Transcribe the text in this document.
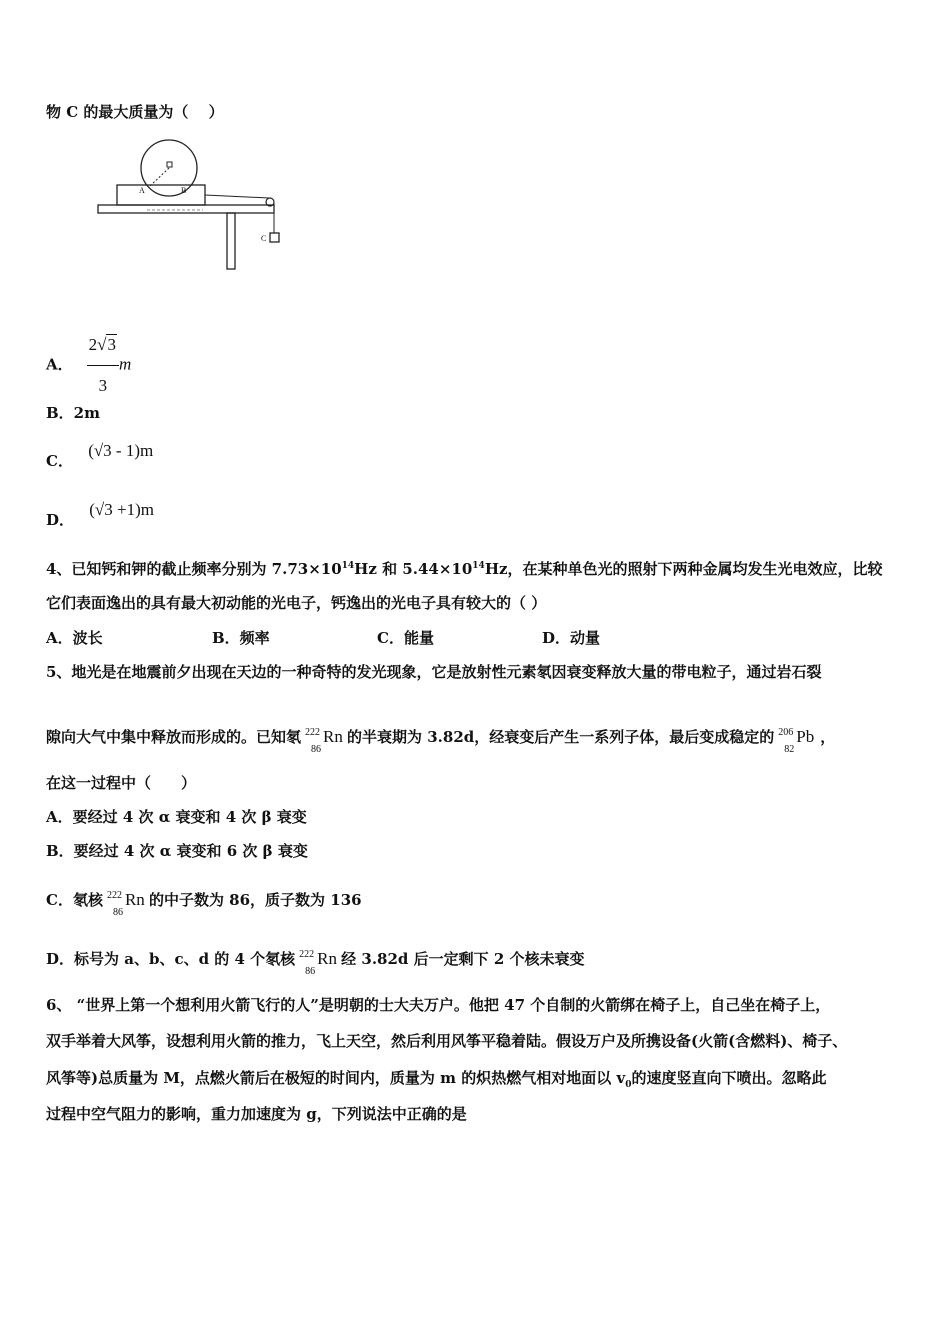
物 C 的最大质量为（　 ）
A	B
C
A． $\frac{2√3}{3}$ m
B．2m
C． (√3 - 1)m
D． (√3 +1)m
4、已知钙和钾的截止频率分别为 $7.73\times 10^{14}Hz$ 和 $5.44\times 10^{14}Hz$，在某种单色光的照射下两种金属均发生光电效应，比较
它们表面逸出的具有最大初动能的光电子，钙逸出的光电子具有较大的（ ）
A．波长	B．频率	C．能量	D．动量
5、地光是在地震前夕出现在天边的一种奇特的发光现象，它是放射性元素氡因衰变释放大量的带电粒子，通过岩石裂
隙向大气中集中释放而形成的。已知氡 222
86
Rn 的半衰期为 3.82d，经衰变后产生一系列子体，最后变成稳定的 206
82
Pb ，
在这一过程中（　　）
A．要经过 4 次 α 衰变和 4 次 β 衰变
B．要经过 4 次 α 衰变和 6 次 β 衰变
C．氡核 222
86
Rn 的中子数为 86，质子数为 136
D．标号为 a、b、c、d 的 4 个氡核 222
86
Rn 经 3.82d 后一定剩下 2 个核未衰变
6、 “世界上第一个想利用火箭飞行的人”是明朝的士大夫万户。他把 47 个自制的火箭绑在椅子上，自己坐在椅子上，
双手举着大风筝，设想利用火箭的推力，飞上天空，然后利用风筝平稳着陆。假设万户及所携设备(火箭(含燃料)、椅子、
风筝等)总质量为 M，点燃火箭后在极短的时间内，质量为 m 的炽热燃气相对地面以 $v_0$的速度竖直向下喷出。忽略此
过程中空气阻力的影响，重力加速度为 g，下列说法中正确的是
